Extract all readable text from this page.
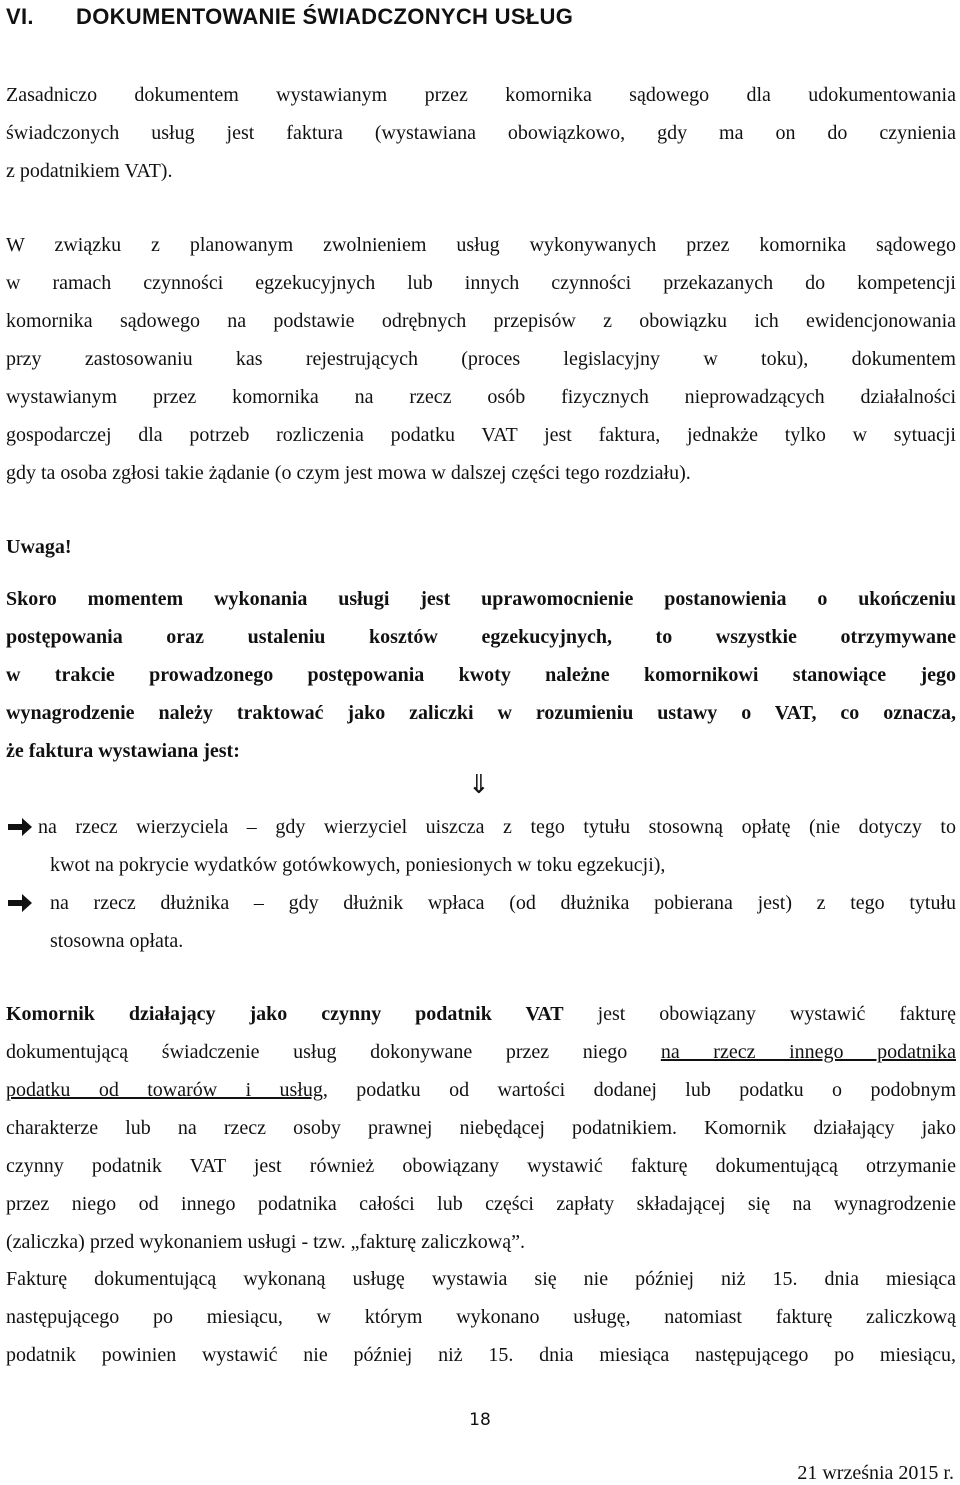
VI. DOKUMENTOWANIE ŚWIADCZONYCH USŁUG
Zasadniczo dokumentem wystawianym przez komornika sądowego dla udokumentowania
świadczonych usług jest faktura (wystawiana obowiązkowo, gdy ma on do czynienia
z podatnikiem VAT).
W związku z planowanym zwolnieniem usług wykonywanych przez komornika sądowego
w ramach czynności egzekucyjnych lub innych czynności przekazanych do kompetencji
komornika sądowego na podstawie odrębnych przepisów z obowiązku ich ewidencjonowania
przy zastosowaniu kas rejestrujących (proces legislacyjny w toku), dokumentem
wystawianym przez komornika na rzecz osób fizycznych nieprowadzących działalności
gospodarczej dla potrzeb rozliczenia podatku VAT jest faktura, jednakże tylko w sytuacji
gdy ta osoba zgłosi takie żądanie (o czym jest mowa w dalszej części tego rozdziału).
Uwaga!
Skoro momentem wykonania usługi jest uprawomocnienie postanowienia o ukończeniu
postępowania oraz ustaleniu kosztów egzekucyjnych, to wszystkie otrzymywane
w trakcie prowadzonego postępowania kwoty należne komornikowi stanowiące jego
wynagrodzenie należy traktować jako zaliczki w rozumieniu ustawy o VAT, co oznacza,
że faktura wystawiana jest:
⇓
na rzecz wierzyciela – gdy wierzyciel uiszcza z tego tytułu stosowną opłatę (nie dotyczy to
kwot na pokrycie wydatków gotówkowych, poniesionych w toku egzekucji),
na rzecz dłużnika – gdy dłużnik wpłaca (od dłużnika pobierana jest) z tego tytułu
stosowna opłata.
Komornik działający jako czynny podatnik VAT jest obowiązany wystawić fakturę
dokumentującą świadczenie usług dokonywane przez niego na rzecz innego podatnika
podatku od towarów i usług, podatku od wartości dodanej lub podatku o podobnym
charakterze lub na rzecz osoby prawnej niebędącej podatnikiem. Komornik działający jako
czynny podatnik VAT jest również obowiązany wystawić fakturę dokumentującą otrzymanie
przez niego od innego podatnika całości lub części zapłaty składającej się na wynagrodzenie
(zaliczka) przed wykonaniem usługi - tzw. „fakturę zaliczkową”.
Fakturę dokumentującą wykonaną usługę wystawia się nie później niż 15. dnia miesiąca
następującego po miesiącu, w którym wykonano usługę, natomiast fakturę zaliczkową
podatnik powinien wystawić nie później niż 15. dnia miesiąca następującego po miesiącu,
18
21 września 2015 r.
